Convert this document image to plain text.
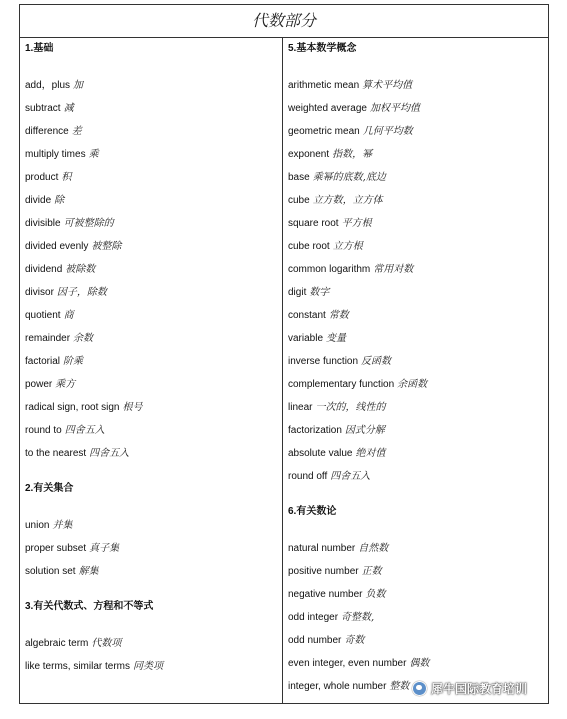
代数部分
1.基础
add，plus 加
subtract 减
difference 差
multiply times 乘
product 积
divide 除
divisible 可被整除的
divided evenly 被整除
dividend 被除数
divisor 因子，除数
quotient 商
remainder 余数
factorial 阶乘
power 乘方
radical sign, root sign 根号
round to 四舍五入
to the nearest 四舍五入
2.有关集合
union 并集
proper subset 真子集
solution set 解集
3.有关代数式、方程和不等式
algebraic term 代数项
like terms, similar terms 同类项
5.基本数学概念
arithmetic mean 算术平均值
weighted average 加权平均值
geometric mean 几何平均数
exponent 指数，幂
base 乘幂的底数,底边
cube 立方数，立方体
square root 平方根
cube root 立方根
common logarithm 常用对数
digit 数字
constant 常数
variable 变量
inverse function 反函数
complementary function 余函数
linear 一次的，线性的
factorization 因式分解
absolute value 绝对值
round off 四舍五入
6.有关数论
natural number 自然数
positive number 正数
negative number 负数
odd integer 奇整数,
odd number 奇数
even integer, even number 偶数
integer, whole number 整数 犀牛国际教育培训
